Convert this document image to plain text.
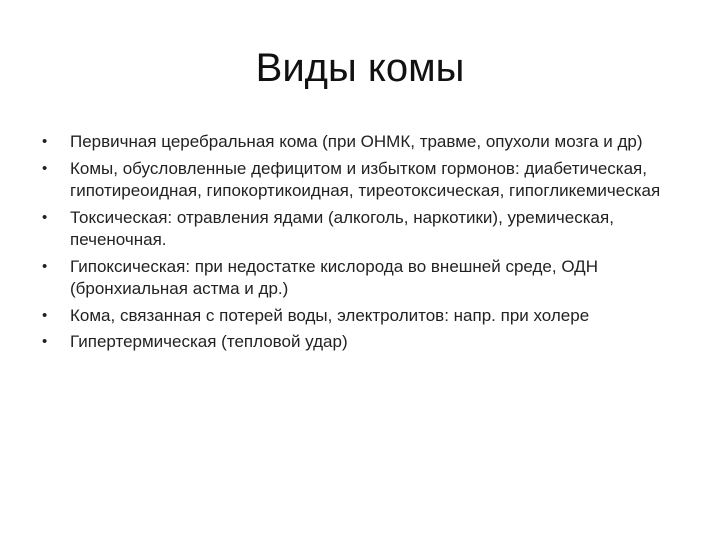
Виды комы
•	Первичная церебральная кома (при ОНМК, травме, опухоли мозга и др)
•	Комы, обусловленные дефицитом и избытком гормонов: диабетическая, гипотиреоидная, гипокортикоидная, тиреотоксическая, гипогликемическая
•	Токсическая: отравления ядами (алкоголь, наркотики), уремическая, печеночная.
•	Гипоксическая: при недостатке кислорода во внешней среде, ОДН (бронхиальная астма и др.)
•	Кома, связанная с потерей воды, электролитов: напр. при холере
•	Гипертермическая (тепловой удар)
